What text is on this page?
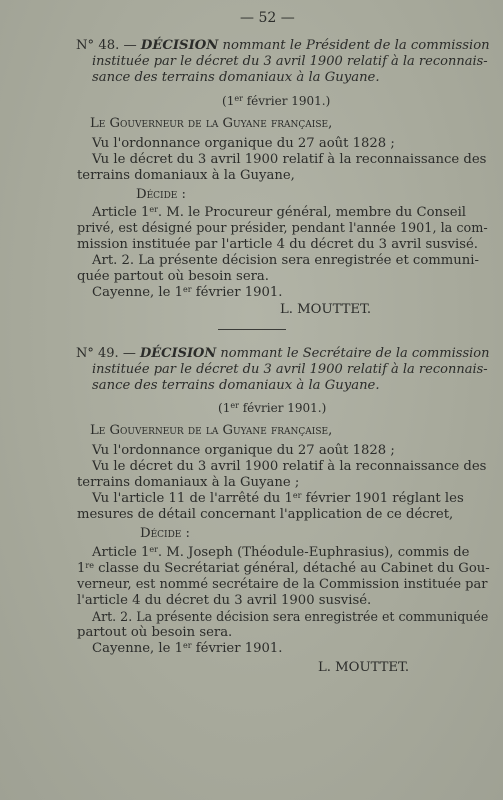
— 52 —
N° 48. — DÉCISION nommant le Président de la commission
instituée par le décret du 3 avril 1900 relatif à la reconnais-
sance des terrains domaniaux à la Guyane.
(1er février 1901.)
Le Gouverneur de la Guyane française,
Vu l'ordonnance organique du 27 août 1828 ;
Vu le décret du 3 avril 1900 relatif à la reconnaissance des
terrains domaniaux à la Guyane,
Décide :
Article 1er. M. le Procureur général, membre du Conseil
privé, est désigné pour présider, pendant l'année 1901, la com-
mission instituée par l'article 4 du décret du 3 avril susvisé.
Art. 2. La présente décision sera enregistrée et communi-
quée partout où besoin sera.
Cayenne, le 1er février 1901.
L. MOUTTET.
N° 49. — DÉCISION nommant le Secrétaire de la commission
instituée par le décret du 3 avril 1900 relatif à la reconnais-
sance des terrains domaniaux à la Guyane.
(1er février 1901.)
Le Gouverneur de la Guyane française,
Vu l'ordonnance organique du 27 août 1828 ;
Vu le décret du 3 avril 1900 relatif à la reconnaissance des
terrains domaniaux à la Guyane ;
Vu l'article 11 de l'arrêté du 1er février 1901 réglant les
mesures de détail concernant l'application de ce décret,
Décide :
Article 1er. M. Joseph (Théodule-Euphrasius), commis de
1re classe du Secrétariat général, détaché au Cabinet du Gou-
verneur, est nommé secrétaire de la Commission instituée par
l'article 4 du décret du 3 avril 1900 susvisé.
Art. 2. La présente décision sera enregistrée et communiquée
partout où besoin sera.
Cayenne, le 1er février 1901.
L. MOUTTET.
